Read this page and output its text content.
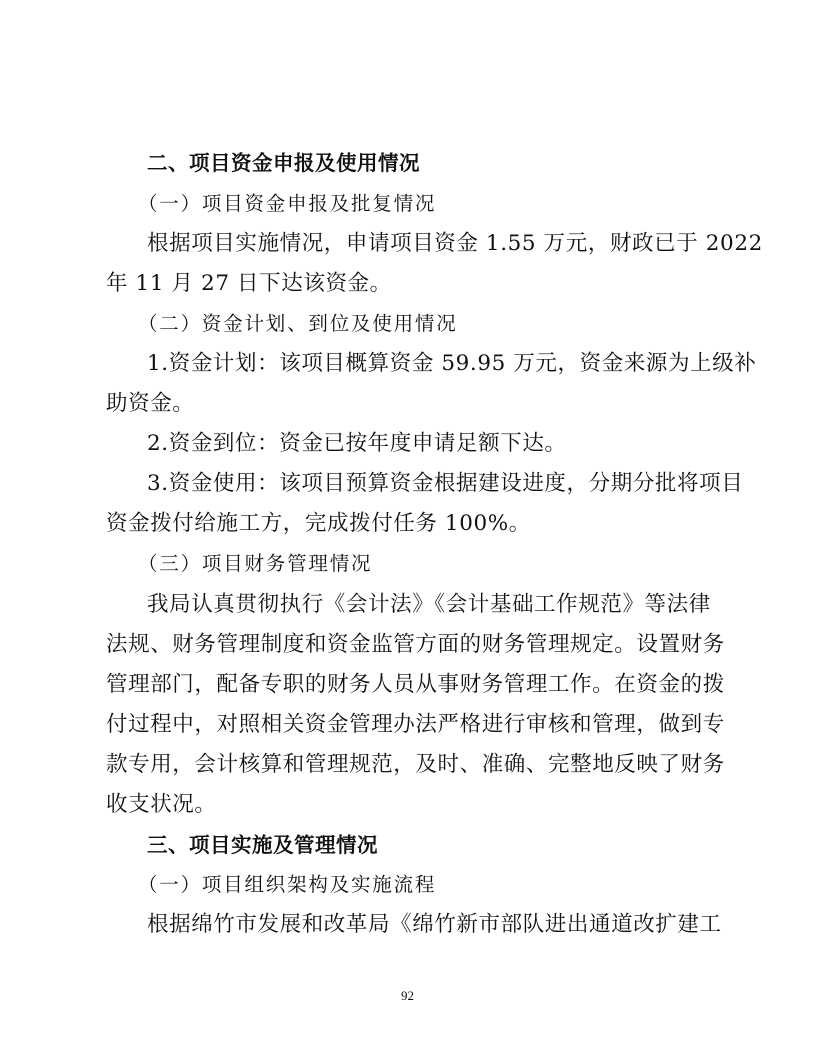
二、项目资金申报及使用情况
（一）项目资金申报及批复情况
根据项目实施情况，申请项目资金 1.55 万元，财政已于 2022
年 11 月 27 日下达该资金。
（二）资金计划、到位及使用情况
1.资金计划：该项目概算资金 59.95 万元，资金来源为上级补
助资金。
2.资金到位：资金已按年度申请足额下达。
3.资金使用：该项目预算资金根据建设进度，分期分批将项目
资金拨付给施工方，完成拨付任务 100%。
（三）项目财务管理情况
我局认真贯彻执行《会计法》《会计基础工作规范》等法律
法规、财务管理制度和资金监管方面的财务管理规定。设置财务
管理部门，配备专职的财务人员从事财务管理工作。在资金的拨
付过程中，对照相关资金管理办法严格进行审核和管理，做到专
款专用，会计核算和管理规范，及时、准确、完整地反映了财务
收支状况。
三、项目实施及管理情况
（一）项目组织架构及实施流程
根据绵竹市发展和改革局《绵竹新市部队进出通道改扩建工
92
